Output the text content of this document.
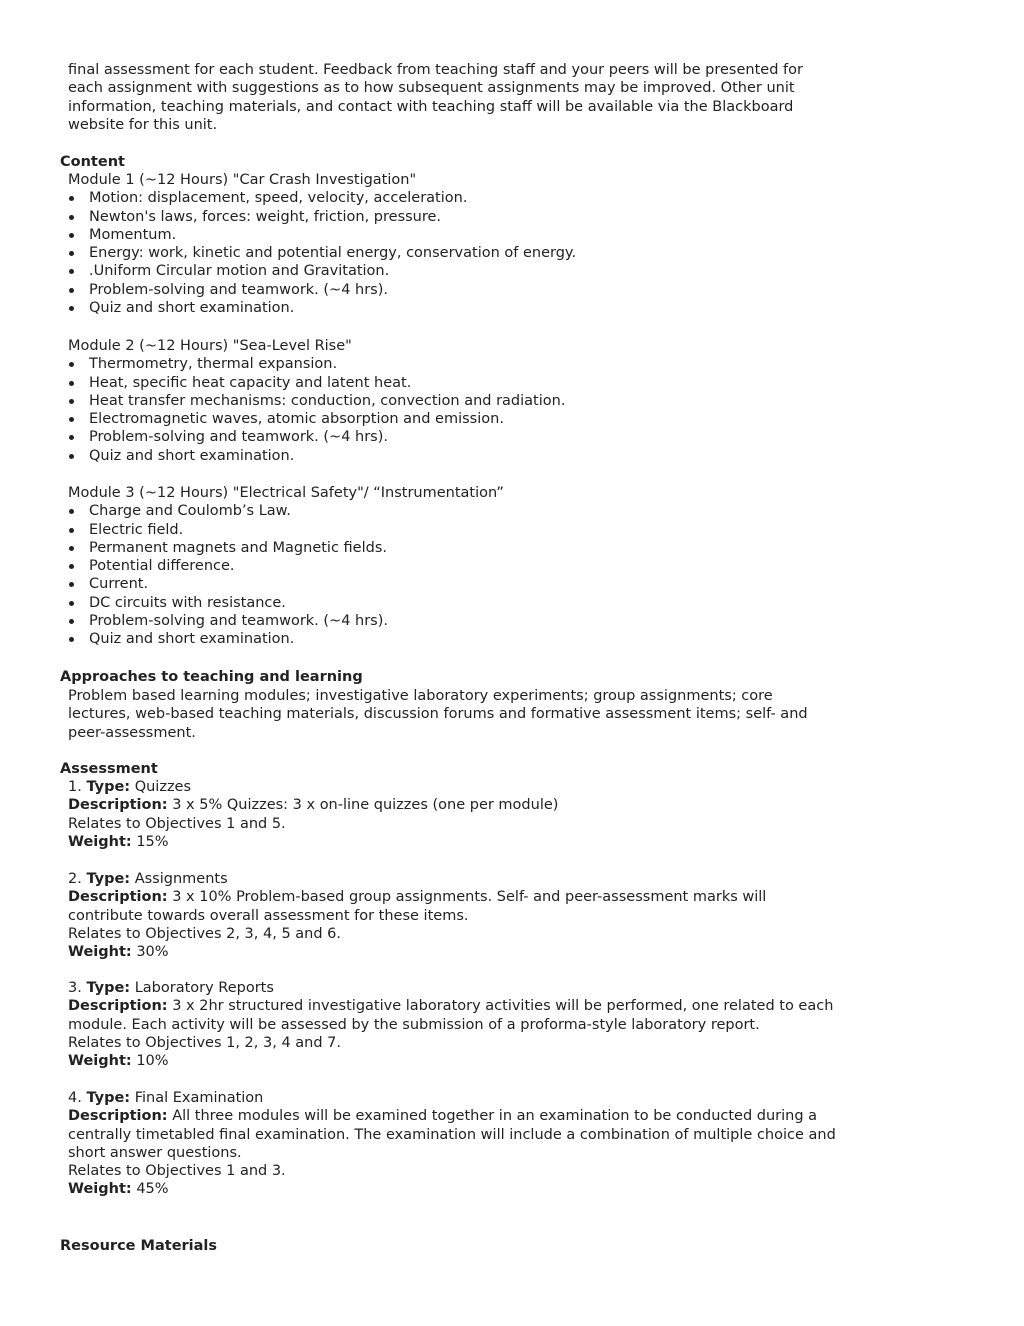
final assessment for each student. Feedback from teaching staff and your peers will be presented for
each assignment with suggestions as to how subsequent assignments may be improved. Other unit
information, teaching materials, and contact with teaching staff will be available via the Blackboard
website for this unit.
Content
Module 1 (~12 Hours) "Car Crash Investigation"
Motion: displacement, speed, velocity, acceleration.
Newton's laws, forces: weight, friction, pressure.
Momentum.
Energy: work, kinetic and potential energy, conservation of energy.
.Uniform Circular motion and Gravitation.
Problem-solving and teamwork. (~4 hrs).
Quiz and short examination.
Module 2 (~12 Hours) "Sea-Level Rise"
Thermometry, thermal expansion.
Heat, specific heat capacity and latent heat.
Heat transfer mechanisms: conduction, convection and radiation.
Electromagnetic waves, atomic absorption and emission.
Problem-solving and teamwork. (~4 hrs).
Quiz and short examination.
Module 3 (~12 Hours) "Electrical Safety"/ “Instrumentation”
Charge and Coulomb’s Law.
Electric field.
Permanent magnets and Magnetic fields.
Potential difference.
Current.
DC circuits with resistance.
Problem-solving and teamwork. (~4 hrs).
Quiz and short examination.
Approaches to teaching and learning
Problem based learning modules; investigative laboratory experiments; group assignments; core
lectures, web-based teaching materials, discussion forums and formative assessment items; self- and
peer-assessment.
Assessment
1. Type: Quizzes
Description: 3 x 5% Quizzes: 3 x on-line quizzes (one per module)
Relates to Objectives 1 and 5.
Weight: 15%
2. Type: Assignments
Description: 3 x 10% Problem-based group assignments. Self- and peer-assessment marks will
contribute towards overall assessment for these items.
Relates to Objectives 2, 3, 4, 5 and 6.
Weight: 30%
3. Type: Laboratory Reports
Description: 3 x 2hr structured investigative laboratory activities will be performed, one related to each
module. Each activity will be assessed by the submission of a proforma-style laboratory report.
Relates to Objectives 1, 2, 3, 4 and 7.
Weight: 10%
4. Type: Final Examination
Description: All three modules will be examined together in an examination to be conducted during a
centrally timetabled final examination. The examination will include a combination of multiple choice and
short answer questions.
Relates to Objectives 1 and 3.
Weight: 45%
Resource Materials
